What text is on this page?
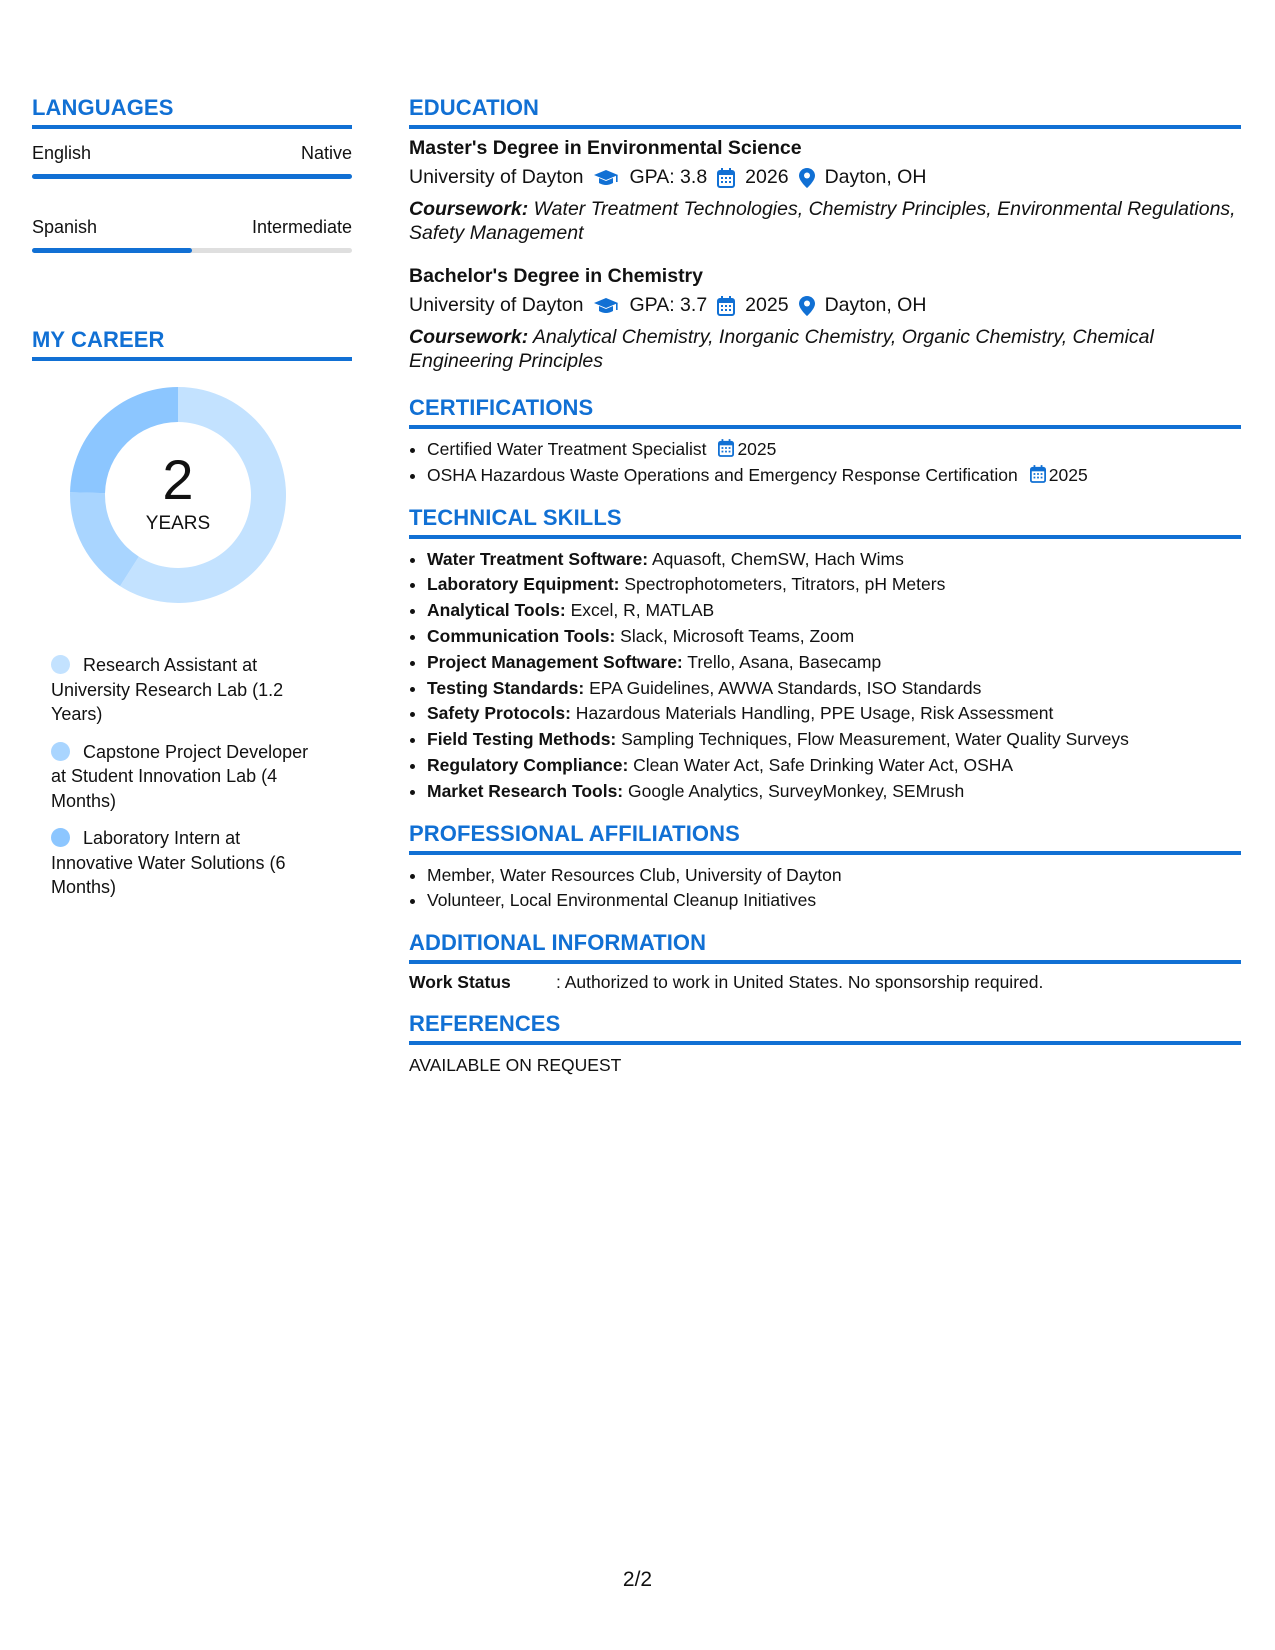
LANGUAGES
English	Native
Spanish	Intermediate
MY CAREER
2
YEARS
Research Assistant at University Research Lab (1.2 Years)
Capstone Project Developer at Student Innovation Lab (4 Months)
Laboratory Intern at Innovative Water Solutions (6 Months)
EDUCATION
Master's Degree in Environmental Science
University of Dayton GPA: 3.8 2026 Dayton, OH
Coursework: Water Treatment Technologies, Chemistry Principles, Environmental Regulations, Safety Management
Bachelor's Degree in Chemistry
University of Dayton GPA: 3.7 2025 Dayton, OH
Coursework: Analytical Chemistry, Inorganic Chemistry, Organic Chemistry, Chemical Engineering Principles
CERTIFICATIONS
• Certified Water Treatment Specialist 2025
• OSHA Hazardous Waste Operations and Emergency Response Certification 2025
TECHNICAL SKILLS
• Water Treatment Software: Aquasoft, ChemSW, Hach Wims
• Laboratory Equipment: Spectrophotometers, Titrators, pH Meters
• Analytical Tools: Excel, R, MATLAB
• Communication Tools: Slack, Microsoft Teams, Zoom
• Project Management Software: Trello, Asana, Basecamp
• Testing Standards: EPA Guidelines, AWWA Standards, ISO Standards
• Safety Protocols: Hazardous Materials Handling, PPE Usage, Risk Assessment
• Field Testing Methods: Sampling Techniques, Flow Measurement, Water Quality Surveys
• Regulatory Compliance: Clean Water Act, Safe Drinking Water Act, OSHA
• Market Research Tools: Google Analytics, SurveyMonkey, SEMrush
PROFESSIONAL AFFILIATIONS
• Member, Water Resources Club, University of Dayton
• Volunteer, Local Environmental Cleanup Initiatives
ADDITIONAL INFORMATION
Work Status	: Authorized to work in United States. No sponsorship required.
REFERENCES
AVAILABLE ON REQUEST
2/2
